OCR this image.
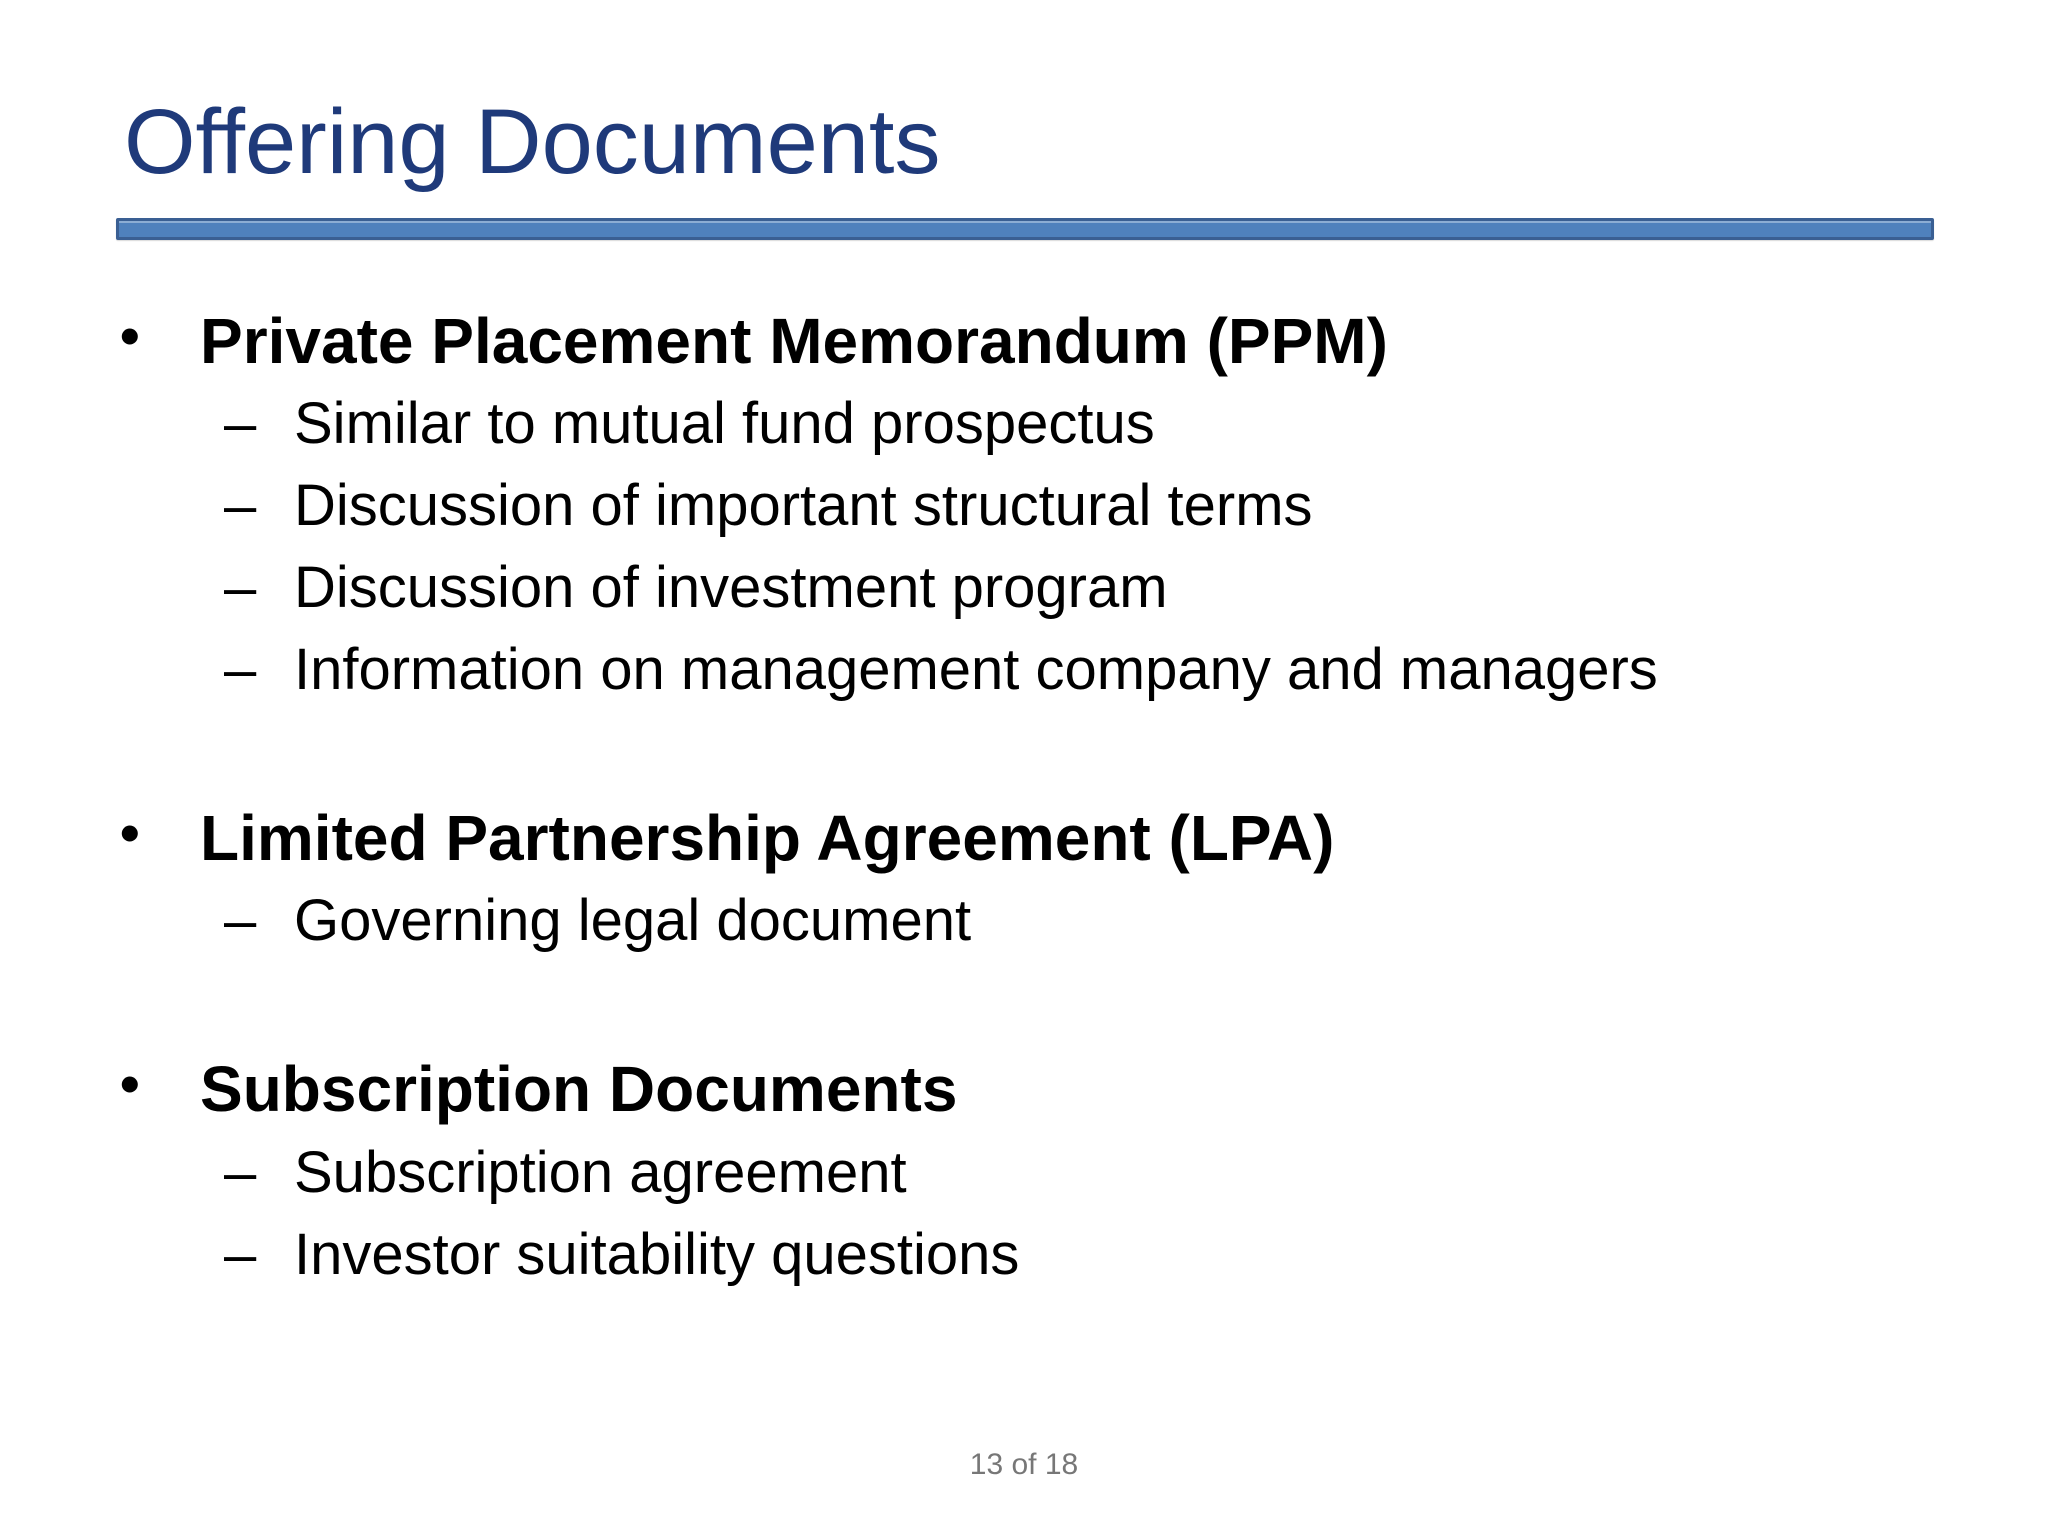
Offering Documents
• Private Placement Memorandum (PPM)
– Similar to mutual fund prospectus
– Discussion of important structural terms
– Discussion of investment program
– Information on management company and managers
• Limited Partnership Agreement (LPA)
– Governing legal document
• Subscription Documents
– Subscription agreement
– Investor suitability questions
13 of 18
